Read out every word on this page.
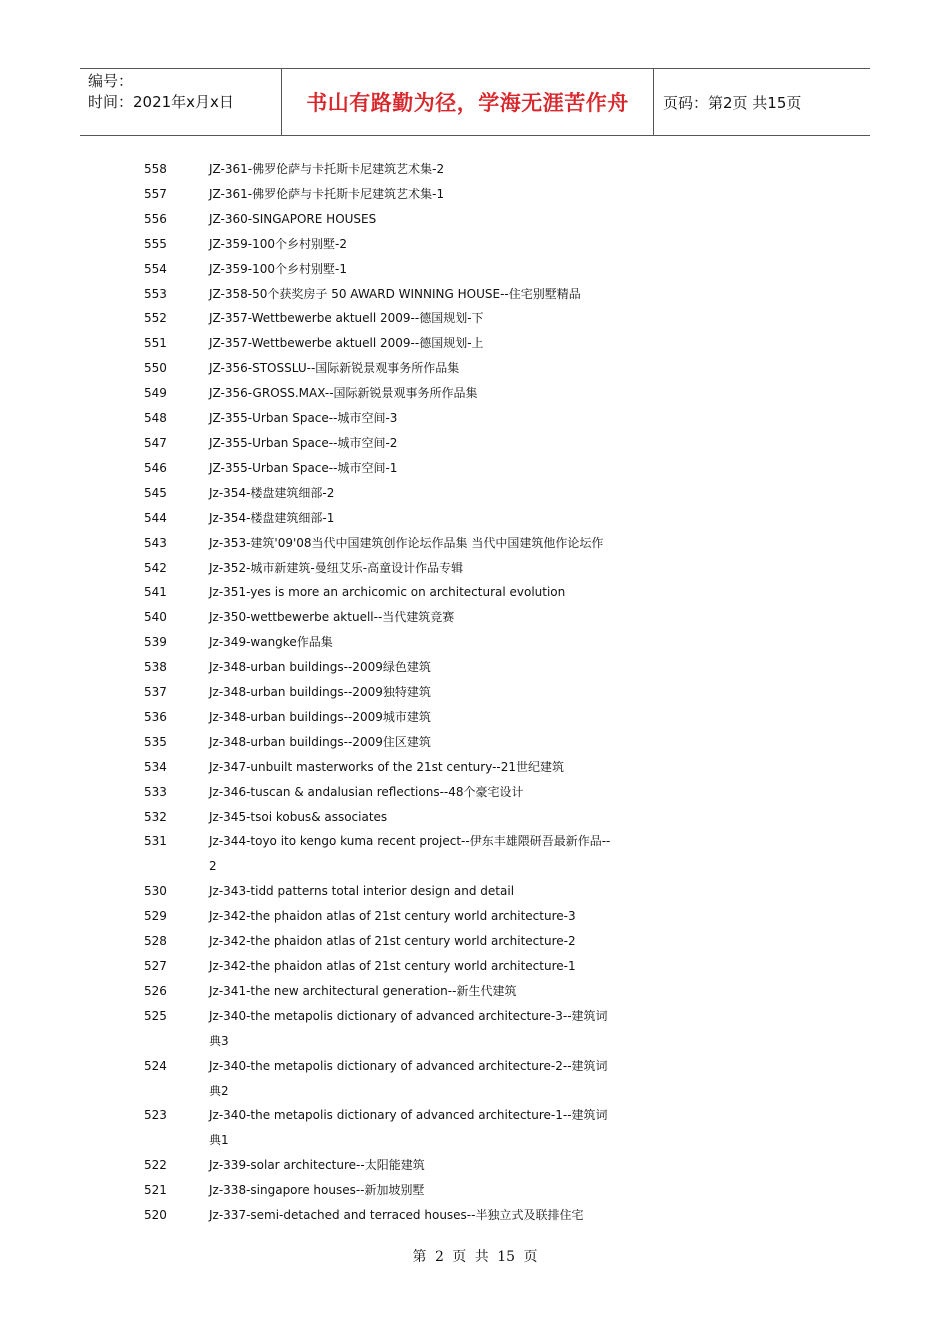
编号：
时间：2021年x月x日	书山有路勤为径，学海无涯苦作舟	页码：第2页 共15页
558	JZ-361-佛罗伦萨与卡托斯卡尼建筑艺术集-2
557	JZ-361-佛罗伦萨与卡托斯卡尼建筑艺术集-1
556	JZ-360-SINGAPORE HOUSES
555	JZ-359-100个乡村别墅-2
554	JZ-359-100个乡村别墅-1
553	JZ-358-50个获奖房子 50 AWARD WINNING HOUSE--住宅别墅精品
552	JZ-357-Wettbewerbe aktuell 2009--德国规划-下
551	JZ-357-Wettbewerbe aktuell 2009--德国规划-上
550	JZ-356-STOSSLU--国际新锐景观事务所作品集
549	JZ-356-GROSS.MAX--国际新锐景观事务所作品集
548	JZ-355-Urban Space--城市空间-3
547	JZ-355-Urban Space--城市空间-2
546	JZ-355-Urban Space--城市空间-1
545	Jz-354-楼盘建筑细部-2
544	Jz-354-楼盘建筑细部-1
543	Jz-353-建筑'09'08当代中国建筑创作论坛作品集 当代中国建筑他作论坛作
542	Jz-352-城市新建筑-曼纽艾乐-高童设计作品专辑
541	Jz-351-yes is more an archicomic on architectural evolution
540	Jz-350-wettbewerbe aktuell--当代建筑竞赛
539	Jz-349-wangke作品集
538	Jz-348-urban buildings--2009绿色建筑
537	Jz-348-urban buildings--2009独特建筑
536	Jz-348-urban buildings--2009城市建筑
535	Jz-348-urban buildings--2009住区建筑
534	Jz-347-unbuilt masterworks of the 21st century--21世纪建筑
533	Jz-346-tuscan & andalusian reflections--48个豪宅设计
532	Jz-345-tsoi kobus& associates
531	Jz-344-toyo ito kengo kuma recent project--伊东丰雄隈研吾最新作品--
2
530	Jz-343-tidd patterns total interior design and detail
529	Jz-342-the phaidon atlas of 21st century world architecture-3
528	Jz-342-the phaidon atlas of 21st century world architecture-2
527	Jz-342-the phaidon atlas of 21st century world architecture-1
526	Jz-341-the new architectural generation--新生代建筑
525	Jz-340-the metapolis dictionary of advanced architecture-3--建筑词
典3
524	Jz-340-the metapolis dictionary of advanced architecture-2--建筑词
典2
523	Jz-340-the metapolis dictionary of advanced architecture-1--建筑词
典1
522	Jz-339-solar architecture--太阳能建筑
521	Jz-338-singapore houses--新加坡别墅
520	Jz-337-semi-detached and terraced houses--半独立式及联排住宅
第 2 页 共 15 页
